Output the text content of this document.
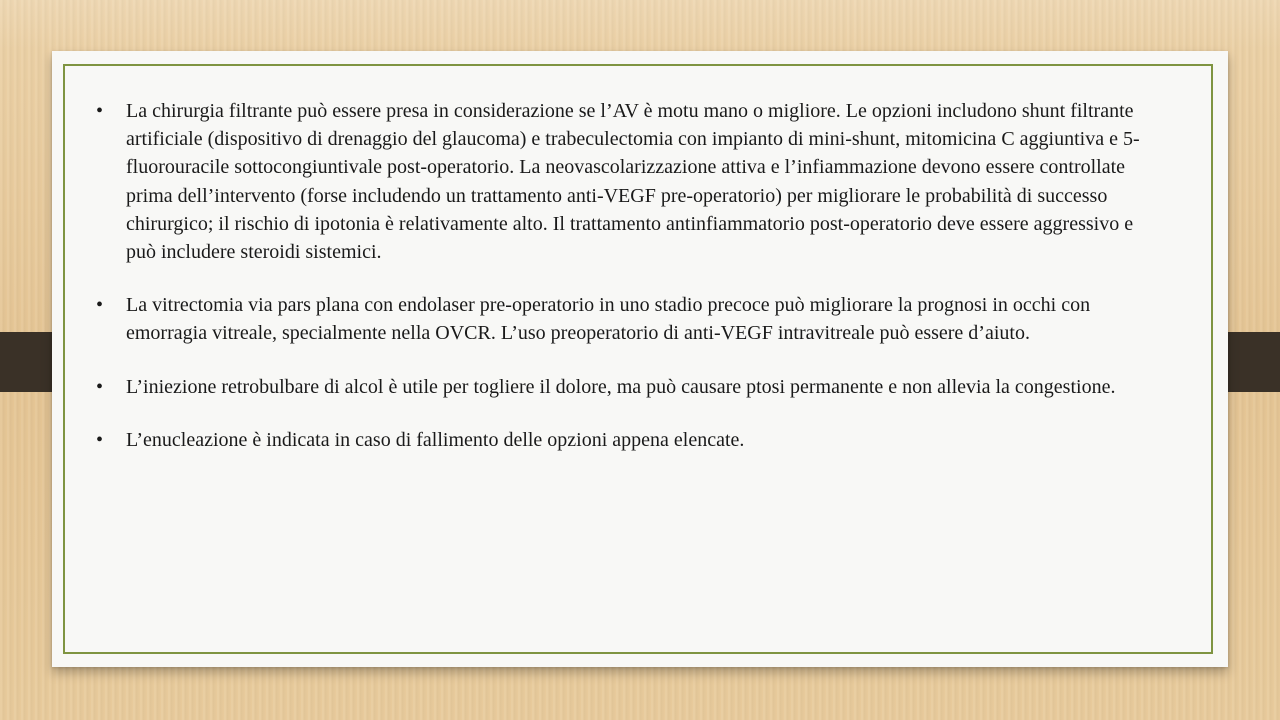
• La chirurgia filtrante può essere presa in considerazione se l’AV è motu mano o migliore. Le opzioni includono shunt filtrante artificiale (dispositivo di drenaggio del glaucoma) e trabeculectomia con impianto di mini-shunt, mitomicina C aggiuntiva e 5-fluorouracile sottocongiuntivale post-operatorio. La neovascolarizzazione attiva e l’infiammazione devono essere controllate prima dell’intervento (forse includendo un trattamento anti-VEGF pre-operatorio) per migliorare le probabilità di successo chirurgico; il rischio di ipotonia è relativamente alto. Il trattamento antinfiammatorio post-operatorio deve essere aggressivo e può includere steroidi sistemici.
• La vitrectomia via pars plana con endolaser pre-operatorio in uno stadio precoce può migliorare la prognosi in occhi con emorragia vitreale, specialmente nella OVCR. L’uso preoperatorio di anti-VEGF intravitreale può essere d’aiuto.
• L’iniezione retrobulbare di alcol è utile per togliere il dolore, ma può causare ptosi permanente e non allevia la congestione.
• L’enucleazione è indicata in caso di fallimento delle opzioni appena elencate.
